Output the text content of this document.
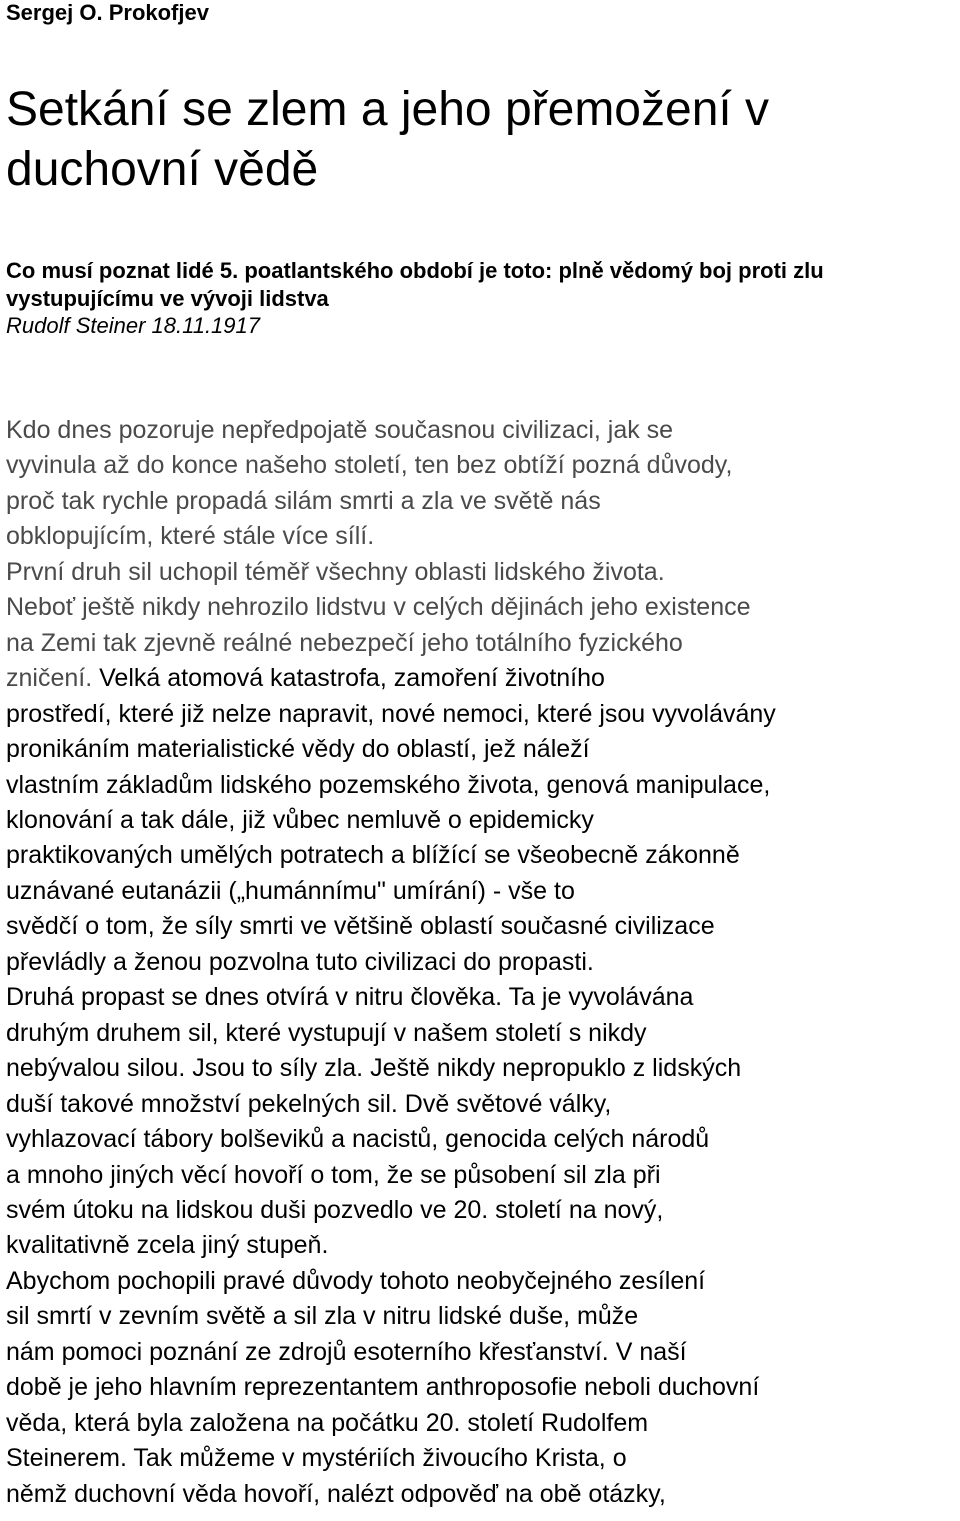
Sergej O. Prokofjev

Setkání se zlem a jeho přemožení v duchovní vědě

Co musí poznat lidé 5. poatlantského období je toto: plně vědomý boj proti zlu vystupujícímu ve vývoji lidstva

Rudolf Steiner 18.11.1917

Kdo dnes pozoruje nepředpojatě současnou civilizaci, jak se
vyvinula až do konce našeho století, ten bez obtíží pozná důvody,
proč tak rychle propadá silám smrti a zla ve světě nás
obklopujícím, které stále více sílí.
První druh sil uchopil téměř všechny oblasti lidského života.
Neboť ještě nikdy nehrozilo lidstvu v celých dějinách jeho existence
na Zemi tak zjevně reálné nebezpečí jeho totálního fyzického
zničení. Velká atomová katastrofa, zamoření životního
prostředí, které již nelze napravit, nové nemoci, které jsou vyvolávány
pronikáním materialistické vědy do oblastí, jež náleží
vlastním základům lidského pozemského života, genová manipulace,
klonování a tak dále, již vůbec nemluvě o epidemicky
praktikovaných umělých potratech a blížící se všeobecně zákonně
uznávané eutanázii („humánnímu" umírání) - vše to
svědčí o tom, že síly smrti ve většině oblastí současné civilizace
převládly a ženou pozvolna tuto civilizaci do propasti.
Druhá propast se dnes otvírá v nitru člověka. Ta je vyvolávána
druhým druhem sil, které vystupují v našem století s nikdy
nebývalou silou. Jsou to síly zla. Ještě nikdy nepropuklo z lidských
duší takové množství pekelných sil. Dvě světové války,
vyhlazovací tábory bolševiků a nacistů, genocida celých národů
a mnoho jiných věcí hovoří o tom, že se působení sil zla při
svém útoku na lidskou duši pozvedlo ve 20. století na nový,
kvalitativně zcela jiný stupeň.
Abychom pochopili pravé důvody tohoto neobyčejného zesílení
sil smrtí v zevním světě a sil zla v nitru lidské duše, může
nám pomoci poznání ze zdrojů esoterního křesťanství. V naší
době je jeho hlavním reprezentantem anthroposofie neboli duchovní
věda, která byla založena na počátku 20. století Rudolfem
Steinerem. Tak můžeme v mystériích živoucího Krista, o
němž duchovní věda hovoří, nalézt odpověď na obě otázky,
